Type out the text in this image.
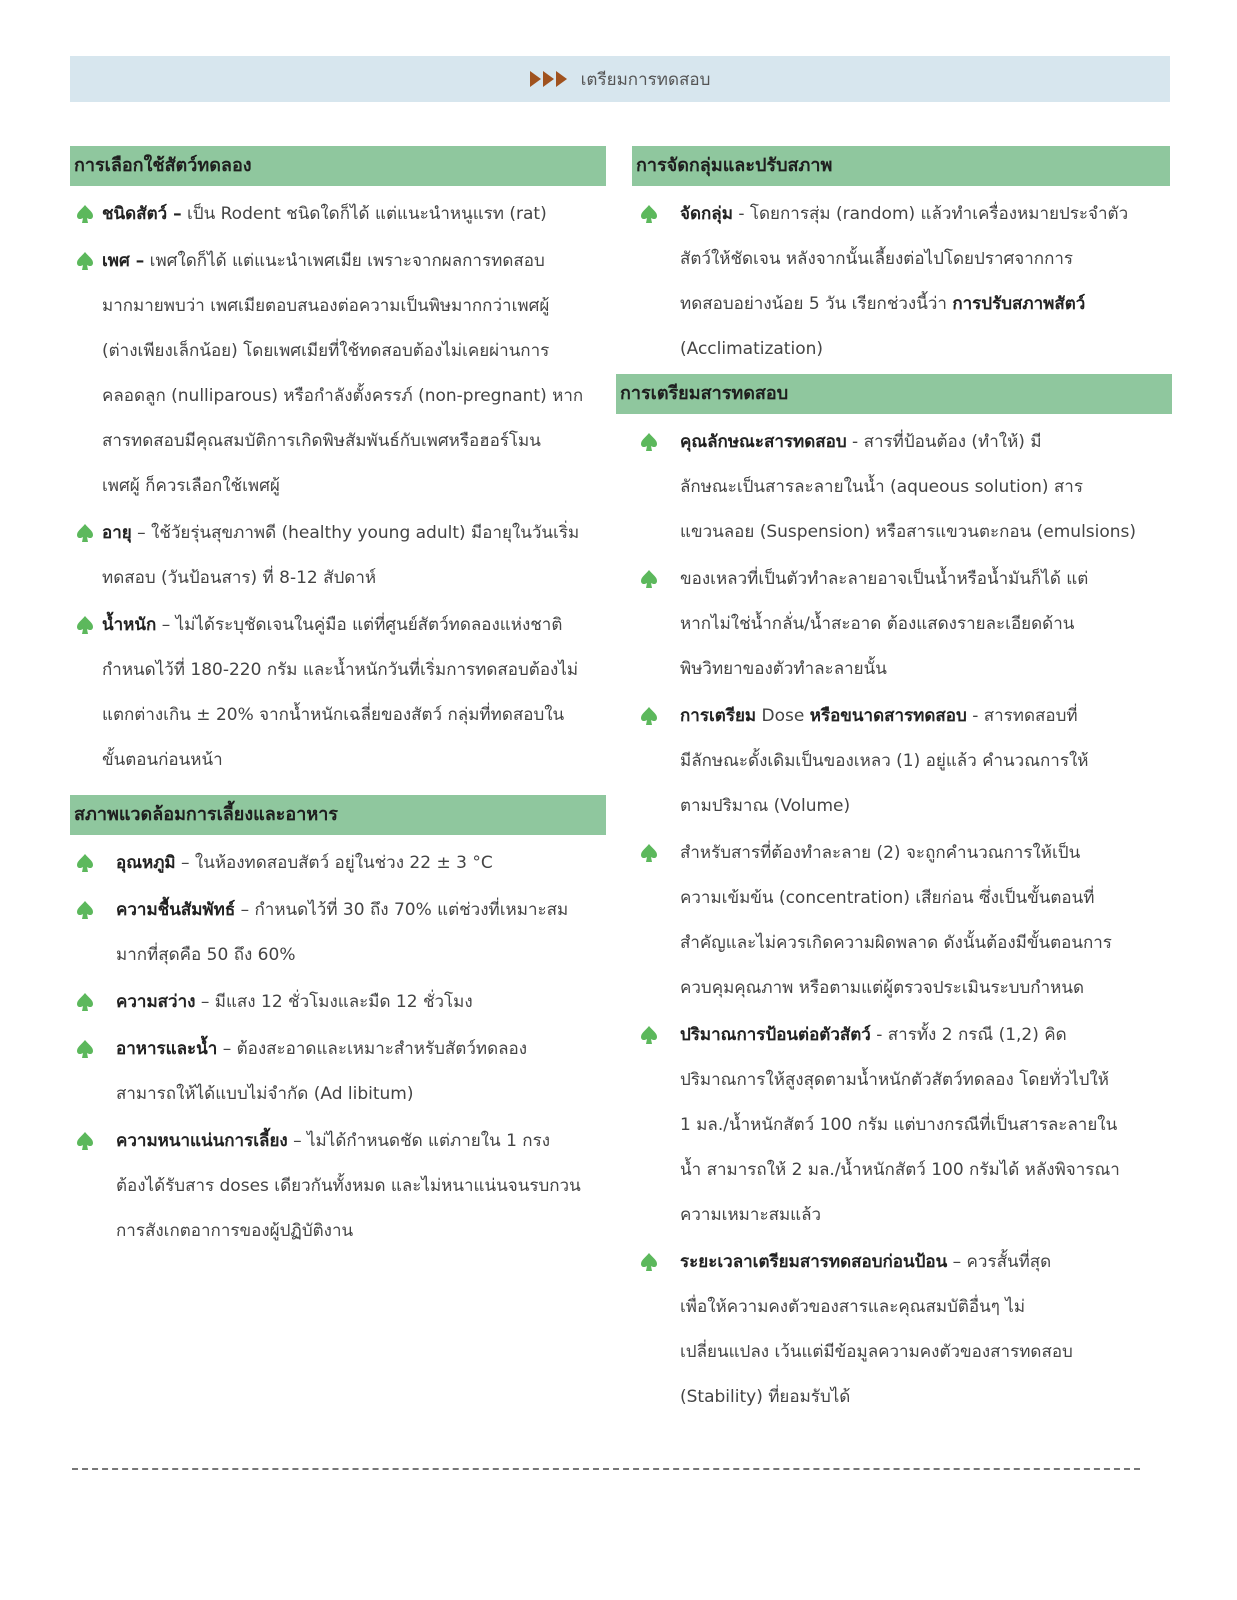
เตรียมการทดสอบ
การเลือกใช้สัตว์ทดลอง
ชนิดสัตว์ – เป็น Rodent ชนิดใดก็ได้ แต่แนะนำหนูแรท (rat)
เพศ – เพศใดก็ได้ แต่แนะนำเพศเมีย เพราะจากผลการทดสอบ
มากมายพบว่า เพศเมียตอบสนองต่อความเป็นพิษมากกว่าเพศผู้
(ต่างเพียงเล็กน้อย) โดยเพศเมียที่ใช้ทดสอบต้องไม่เคยผ่านการ
คลอดลูก (nulliparous) หรือกำลังตั้งครรภ์ (non-pregnant) หาก
สารทดสอบมีคุณสมบัติการเกิดพิษสัมพันธ์กับเพศหรือฮอร์โมน
เพศผู้ ก็ควรเลือกใช้เพศผู้
อายุ – ใช้วัยรุ่นสุขภาพดี (healthy young adult) มีอายุในวันเริ่ม
ทดสอบ (วันป้อนสาร) ที่ 8-12 สัปดาห์
น้ำหนัก – ไม่ได้ระบุชัดเจนในคู่มือ แต่ที่ศูนย์สัตว์ทดลองแห่งชาติ
กำหนดไว้ที่ 180-220 กรัม และน้ำหนักวันที่เริ่มการทดสอบต้องไม่
แตกต่างเกิน ± 20% จากน้ำหนักเฉลี่ยของสัตว์ กลุ่มที่ทดสอบใน
ขั้นตอนก่อนหน้า
สภาพแวดล้อมการเลี้ยงและอาหาร
อุณหภูมิ – ในห้องทดสอบสัตว์ อยู่ในช่วง 22 ± 3 °C
ความชื้นสัมพัทธ์ – กำหนดไว้ที่ 30 ถึง 70% แต่ช่วงที่เหมาะสม
มากที่สุดคือ 50 ถึง 60%
ความสว่าง – มีแสง 12 ชั่วโมงและมืด 12 ชั่วโมง
อาหารและน้ำ – ต้องสะอาดและเหมาะสำหรับสัตว์ทดลอง
สามารถให้ได้แบบไม่จำกัด (Ad libitum)
ความหนาแน่นการเลี้ยง – ไม่ได้กำหนดชัด แต่ภายใน 1 กรง
ต้องได้รับสาร doses เดียวกันทั้งหมด และไม่หนาแน่นจนรบกวน
การสังเกตอาการของผู้ปฏิบัติงาน
การจัดกลุ่มและปรับสภาพ
จัดกลุ่ม - โดยการสุ่ม (random) แล้วทำเครื่องหมายประจำตัว
สัตว์ให้ชัดเจน หลังจากนั้นเลี้ยงต่อไปโดยปราศจากการ
ทดสอบอย่างน้อย 5 วัน เรียกช่วงนี้ว่า การปรับสภาพสัตว์
(Acclimatization)
การเตรียมสารทดสอบ
คุณลักษณะสารทดสอบ - สารที่ป้อนต้อง (ทำให้) มี
ลักษณะเป็นสารละลายในน้ำ (aqueous solution) สาร
แขวนลอย (Suspension) หรือสารแขวนตะกอน (emulsions)
ของเหลวที่เป็นตัวทำละลายอาจเป็นน้ำหรือน้ำมันก็ได้ แต่
หากไม่ใช่น้ำกลั่น/น้ำสะอาด ต้องแสดงรายละเอียดด้าน
พิษวิทยาของตัวทำละลายนั้น
การเตรียม Dose หรือขนาดสารทดสอบ - สารทดสอบที่
มีลักษณะดั้งเดิมเป็นของเหลว (1) อยู่แล้ว คำนวณการให้
ตามปริมาณ (Volume)
สำหรับสารที่ต้องทำละลาย (2) จะถูกคำนวณการให้เป็น
ความเข้มข้น (concentration) เสียก่อน ซึ่งเป็นขั้นตอนที่
สำคัญและไม่ควรเกิดความผิดพลาด ดังนั้นต้องมีขั้นตอนการ
ควบคุมคุณภาพ หรือตามแต่ผู้ตรวจประเมินระบบกำหนด
ปริมาณการป้อนต่อตัวสัตว์ - สารทั้ง 2 กรณี (1,2) คิด
ปริมาณการให้สูงสุดตามน้ำหนักตัวสัตว์ทดลอง โดยทั่วไปให้
1 มล./น้ำหนักสัตว์ 100 กรัม แต่บางกรณีที่เป็นสารละลายใน
น้ำ สามารถให้ 2 มล./น้ำหนักสัตว์ 100 กรัมได้ หลังพิจารณา
ความเหมาะสมแล้ว
ระยะเวลาเตรียมสารทดสอบก่อนป้อน – ควรสั้นที่สุด
เพื่อให้ความคงตัวของสารและคุณสมบัติอื่นๆ ไม่
เปลี่ยนแปลง เว้นแต่มีข้อมูลความคงตัวของสารทดสอบ
(Stability) ที่ยอมรับได้
